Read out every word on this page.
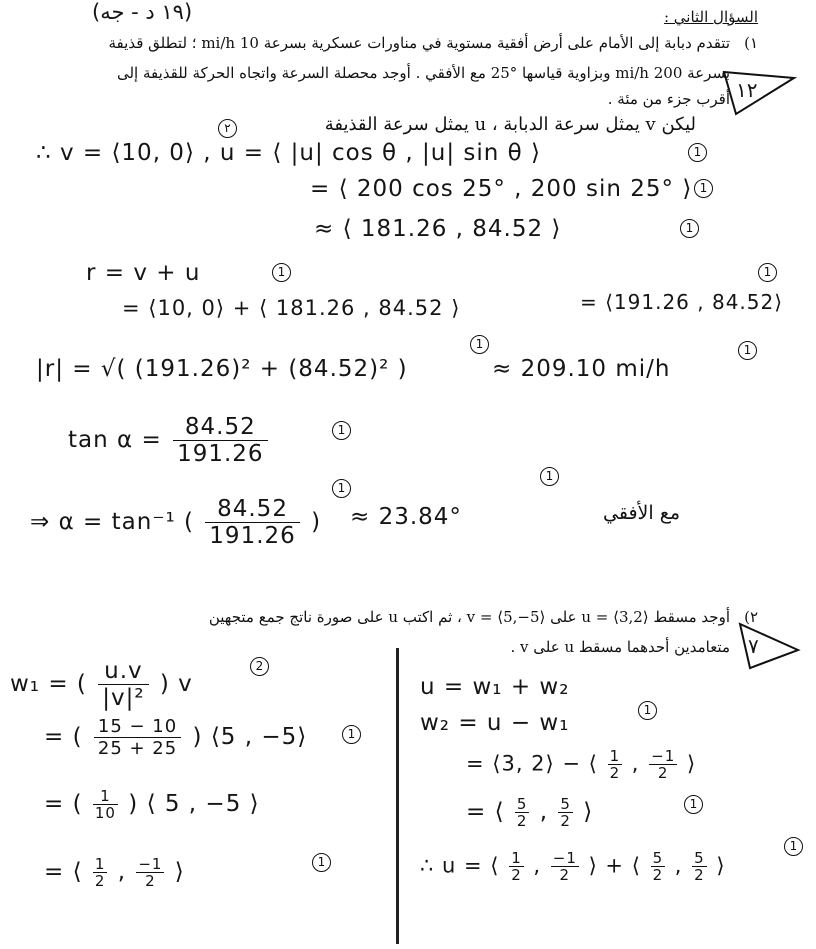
(١٩ د - جه)	السؤال الثاني :
١)
تتقدم دبابة إلى الأمام على أرض أفقية مستوية في مناورات عسكرية بسرعة 10 mi/h ؛ لتطلق قذيفة
بسرعة 200 mi/h وبزاوية قياسها °25 مع الأفقي . أوجد محصلة السرعة واتجاه الحركة للقذيفة إلى
أقرب جزء من مئة . ١٢
ليكن v يمثل سرعة الدبابة ، u يمثل سرعة القذيفة
٢
∴ v = ⟨10, 0⟩ , u = ⟨ |u| cos θ , |u| sin θ ⟩	1
= ⟨ 200 cos 25° , 200 sin 25° ⟩ 1
≈ ⟨ 181.26 , 84.52 ⟩	1
r = v + u	1	1
= ⟨10, 0⟩ + ⟨ 181.26 , 84.52 ⟩	= ⟨191.26 , 84.52⟩
|r| = √( (191.26)² + (84.52)² )
1
≈ 209.10 mi/h
1
$\tan \alpha = \frac{84.52}{191.26}$	1
⇒ α = tan⁻¹ ( $\frac{84.52}{191.26}$ )
1
≈ 23.84°
1
مع الأفقي
٢)
أوجد مسقط u = ⟨3,2⟩ على v = ⟨5,−5⟩ ، ثم اكتب u على صورة ناتج جمع متجهين
متعامدين أحدهما مسقط u على v . ٧
w₁ = ( $\frac{u.v}{\text{|v|²}}$ ) v
2
= ( $\frac{15 - 10}{25 + 25}$ ) ⟨5 , −5⟩	1
= ( $\frac{1}{10}$ ) ⟨ 5 , −5 ⟩
= ⟨ $\frac{1}{2}$ , $\frac{-1}{2}$ ⟩	1
u = w₁ + w₂
w₂ = u − w₁	1
= ⟨3, 2⟩ − ⟨ $\frac{1}{2}$ , $\frac{-1}{2}$ ⟩
= ⟨ $\frac{5}{2}$ , $\frac{5}{2}$ ⟩	1
∴ u = ⟨ $\frac{1}{2}$ , $\frac{-1}{2}$ ⟩ + ⟨ $\frac{5}{2}$ , $\frac{5}{2}$ ⟩
1
